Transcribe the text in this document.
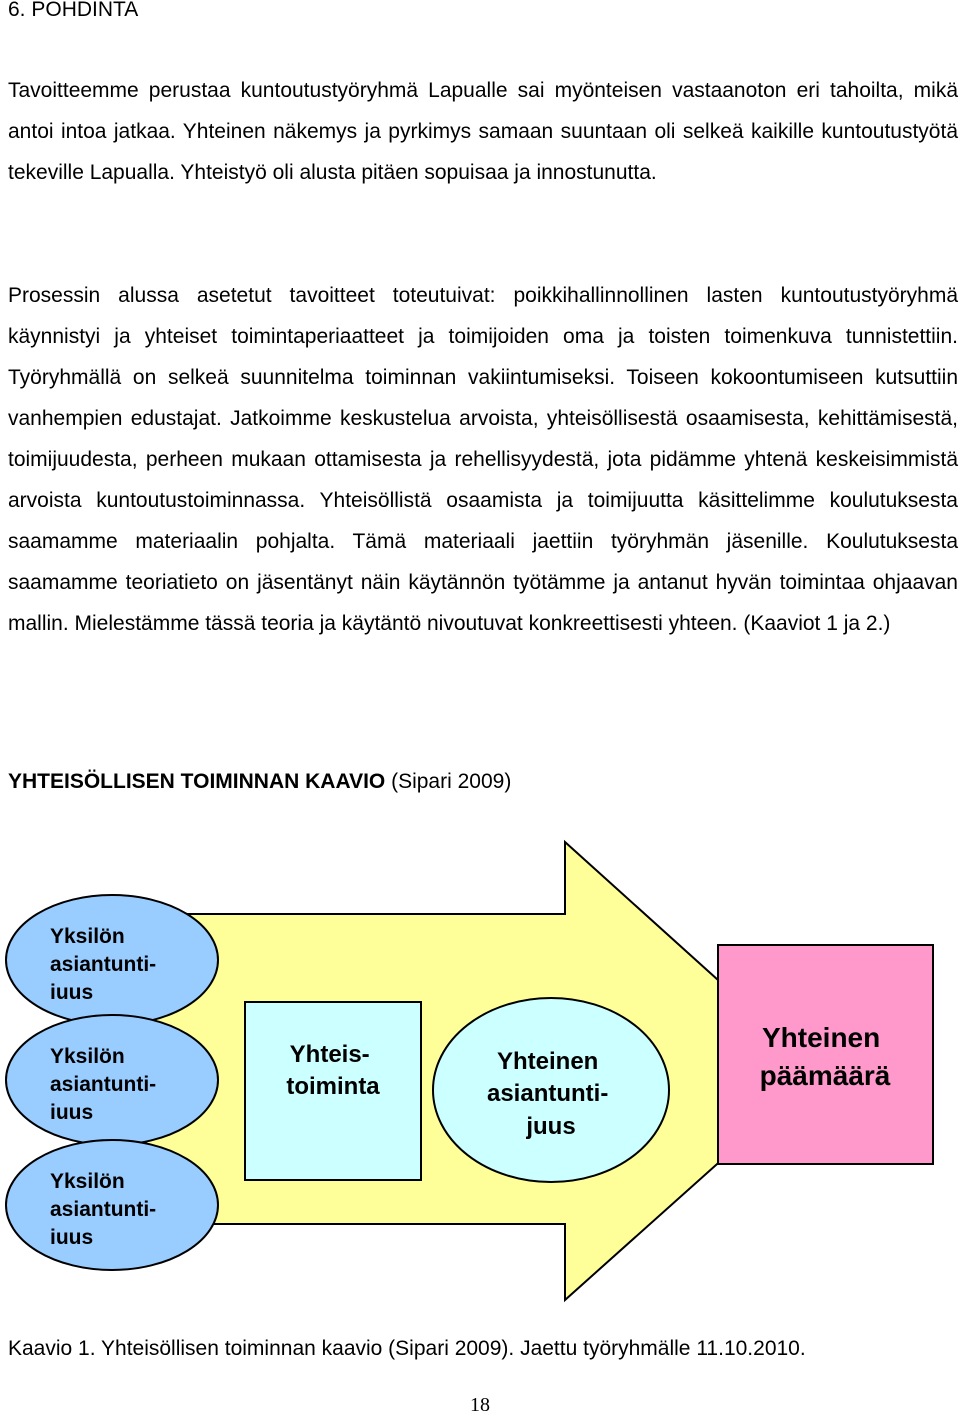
6. POHDINTA

Tavoitteemme perustaa kuntoutustyöryhmä Lapualle sai myönteisen vastaanoton eri tahoilta, mikä antoi intoa jatkaa. Yhteinen näkemys ja pyrkimys samaan suuntaan oli selkeä kaikille kuntoutustyötä tekeville Lapualla. Yhteistyö oli alusta pitäen sopuisaa ja innostunutta.

Prosessin alussa asetetut tavoitteet toteutuivat: poikkihallinnollinen lasten kuntoutustyöryhmä käynnistyi ja yhteiset toimintaperiaatteet ja toimijoiden oma ja toisten toimenkuva tunnistettiin. Työryhmällä on selkeä suunnitelma toiminnan vakiintumiseksi. Toiseen kokoontumiseen kutsuttiin vanhempien edustajat. Jatkoimme keskustelua arvoista, yhteisöllisestä osaamisesta, kehittämisestä, toimijuudesta, perheen mukaan ottamisesta ja rehellisyydestä, jota pidämme yhtenä keskeisimmistä arvoista kuntoutustoiminnassa. Yhteisöllistä osaamista ja toimijuutta käsittelimme koulutuksesta saamamme materiaalin pohjalta. Tämä materiaali jaettiin työryhmän jäsenille. Koulutuksesta saamamme teoriatieto on jäsentänyt näin käytännön työtämme ja antanut hyvän toimintaa ohjaavan mallin. Mielestämme tässä teoria ja käytäntö nivoutuvat konkreettisesti yhteen. (Kaaviot 1 ja 2.)

YHTEISÖLLISEN TOIMINNAN KAAVIO (Sipari 2009)

Yksilön asiantunti- iuus
Yksilön asiantunti- iuus
Yksilön asiantunti- iuus
Yhteis- toiminta
Yhteinen asiantunti- juus
Yhteinen päämäärä

Kaavio 1. Yhteisöllisen toiminnan kaavio (Sipari 2009). Jaettu työryhmälle 11.10.2010.

18
